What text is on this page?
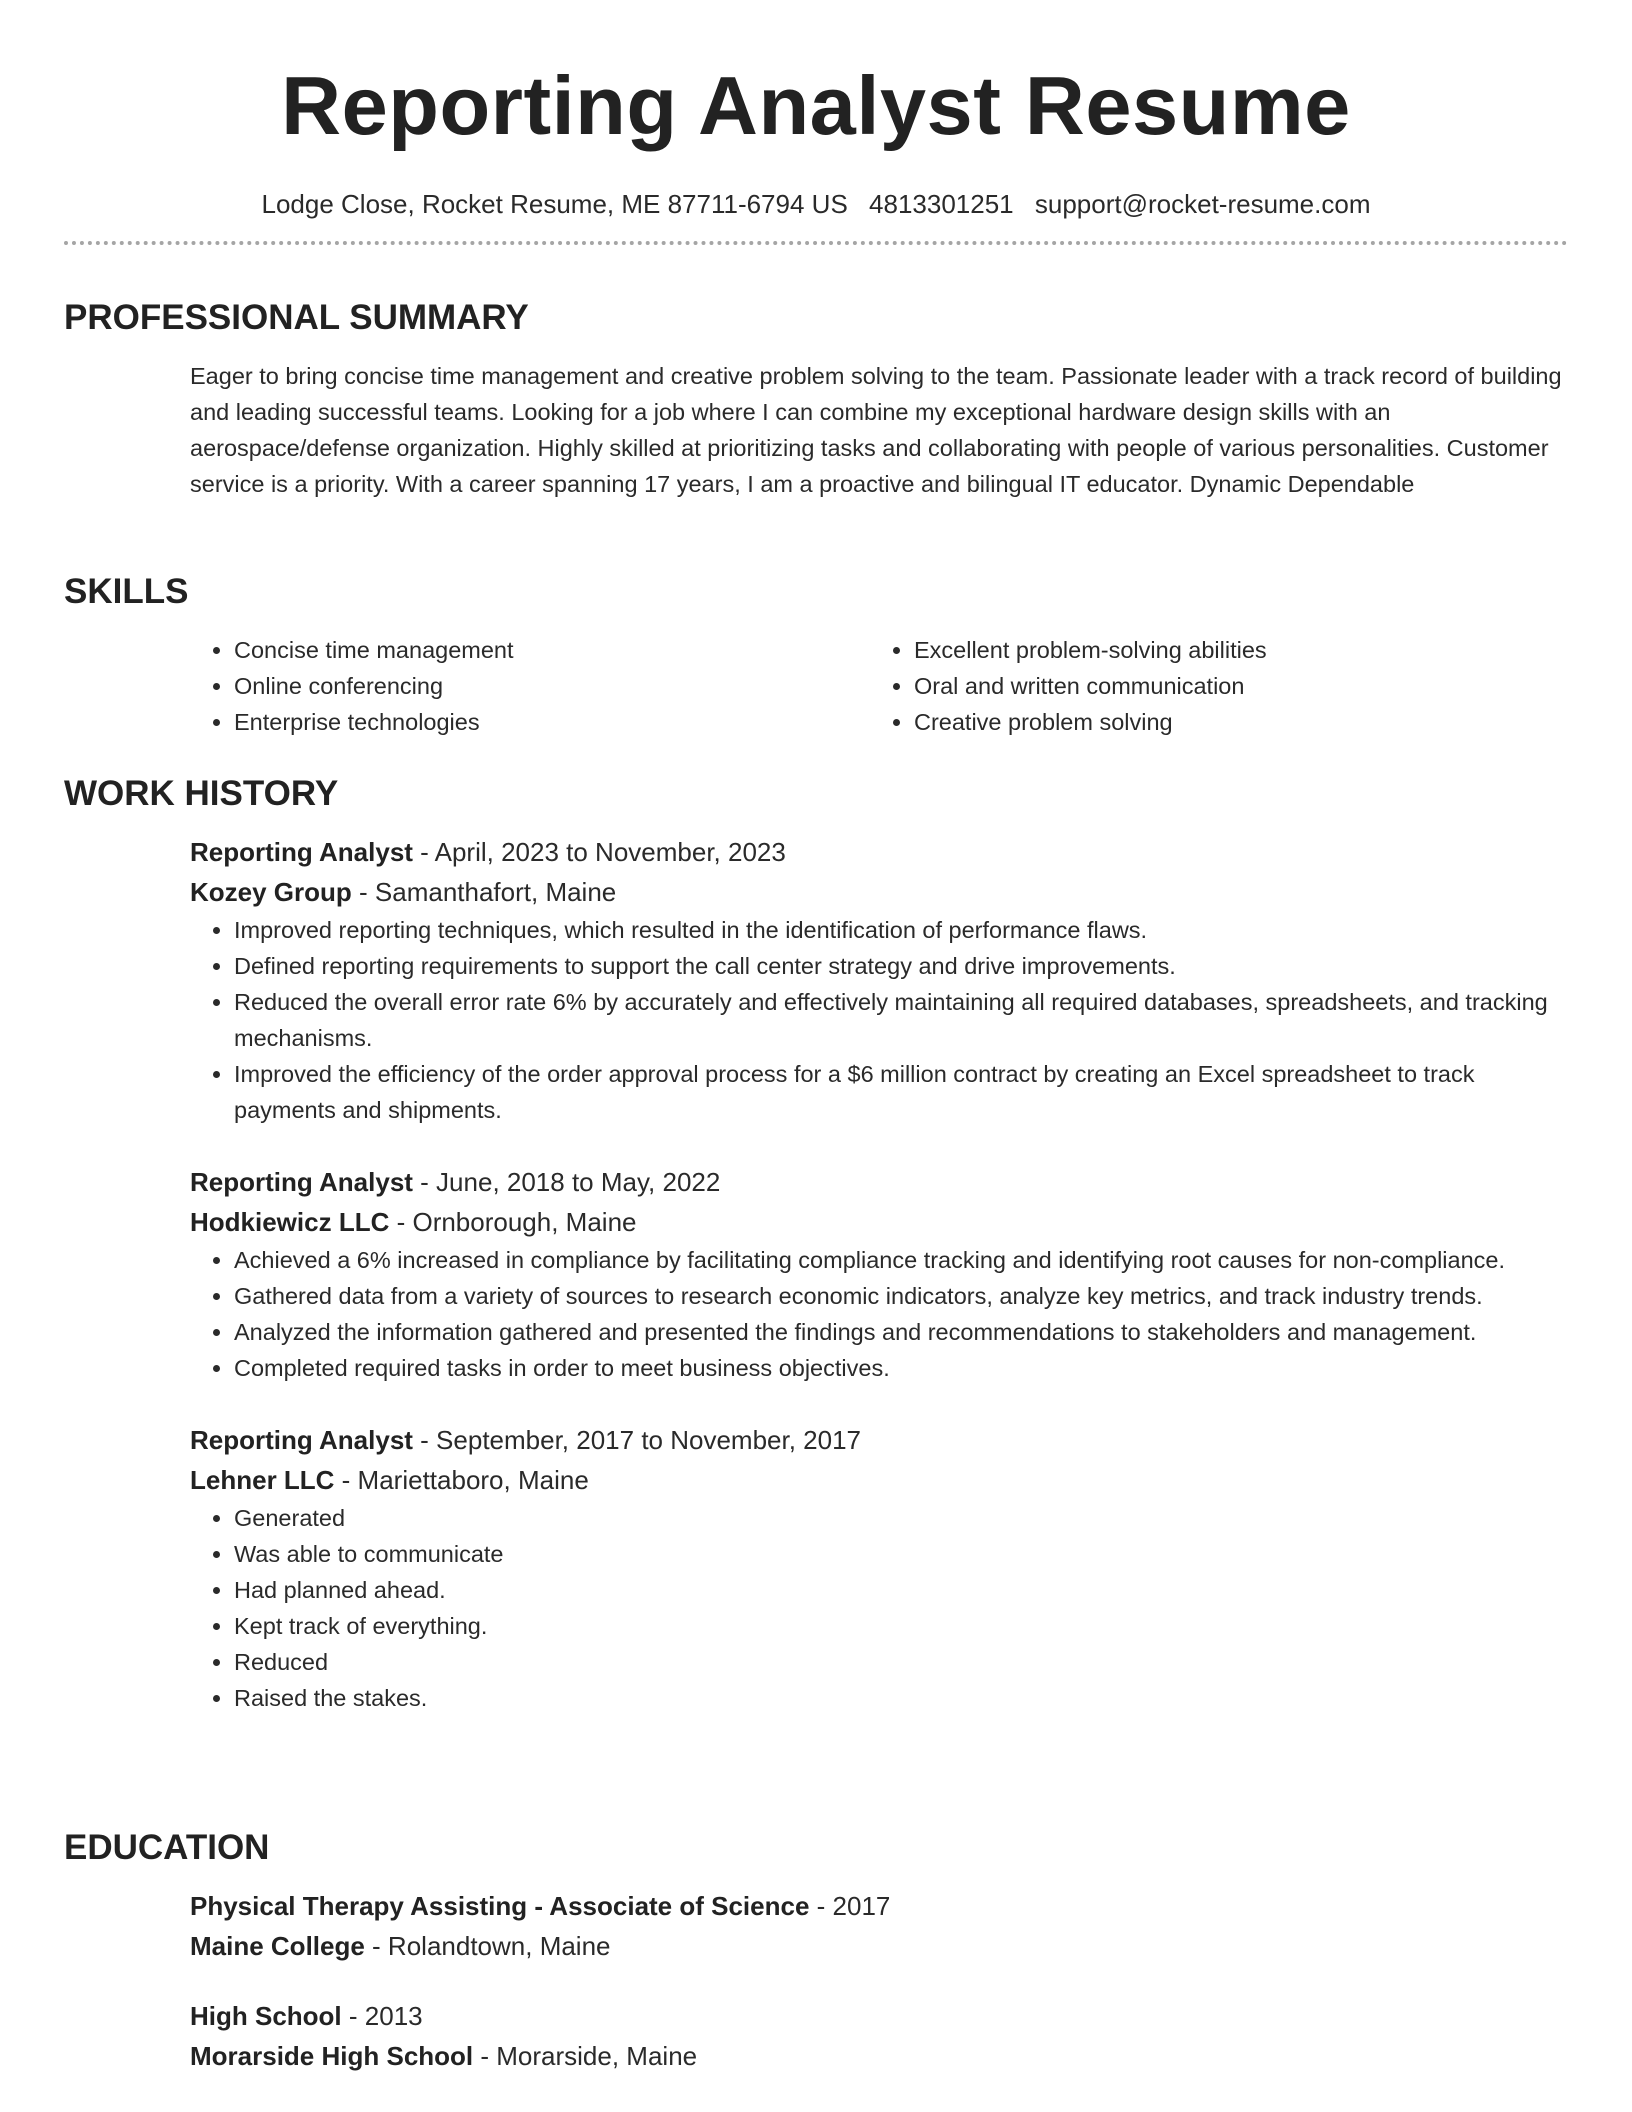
Reporting Analyst Resume
Lodge Close, Rocket Resume, ME 87711-6794 US 4813301251 support@rocket-resume.com
PROFESSIONAL SUMMARY

Eager to bring concise time management and creative problem solving to the team. Passionate leader with a track record of building and leading successful teams. Looking for a job where I can combine my exceptional hardware design skills with an aerospace/defense organization. Highly skilled at prioritizing tasks and collaborating with people of various personalities. Customer service is a priority. With a career spanning 17 years, I am a proactive and bilingual IT educator. Dynamic Dependable

SKILLS
• Concise time management
• Online conferencing
• Enterprise technologies
• Excellent problem-solving abilities
• Oral and written communication
• Creative problem solving
WORK HISTORY
Reporting Analyst - April, 2023 to November, 2023
Kozey Group - Samanthafort, Maine
• Improved reporting techniques, which resulted in the identification of performance flaws.
• Defined reporting requirements to support the call center strategy and drive improvements.
• Reduced the overall error rate 6% by accurately and effectively maintaining all required databases, spreadsheets, and tracking mechanisms.
• Improved the efficiency of the order approval process for a $6 million contract by creating an Excel spreadsheet to track payments and shipments.
Reporting Analyst - June, 2018 to May, 2022
Hodkiewicz LLC - Ornborough, Maine
• Achieved a 6% increased in compliance by facilitating compliance tracking and identifying root causes for non-compliance.
• Gathered data from a variety of sources to research economic indicators, analyze key metrics, and track industry trends.
• Analyzed the information gathered and presented the findings and recommendations to stakeholders and management.
• Completed required tasks in order to meet business objectives.
Reporting Analyst - September, 2017 to November, 2017
Lehner LLC - Mariettaboro, Maine
• Generated
• Was able to communicate
• Had planned ahead.
• Kept track of everything.
• Reduced
• Raised the stakes.
EDUCATION
Physical Therapy Assisting - Associate of Science - 2017
Maine College - Rolandtown, Maine
High School - 2013
Morarside High School - Morarside, Maine
